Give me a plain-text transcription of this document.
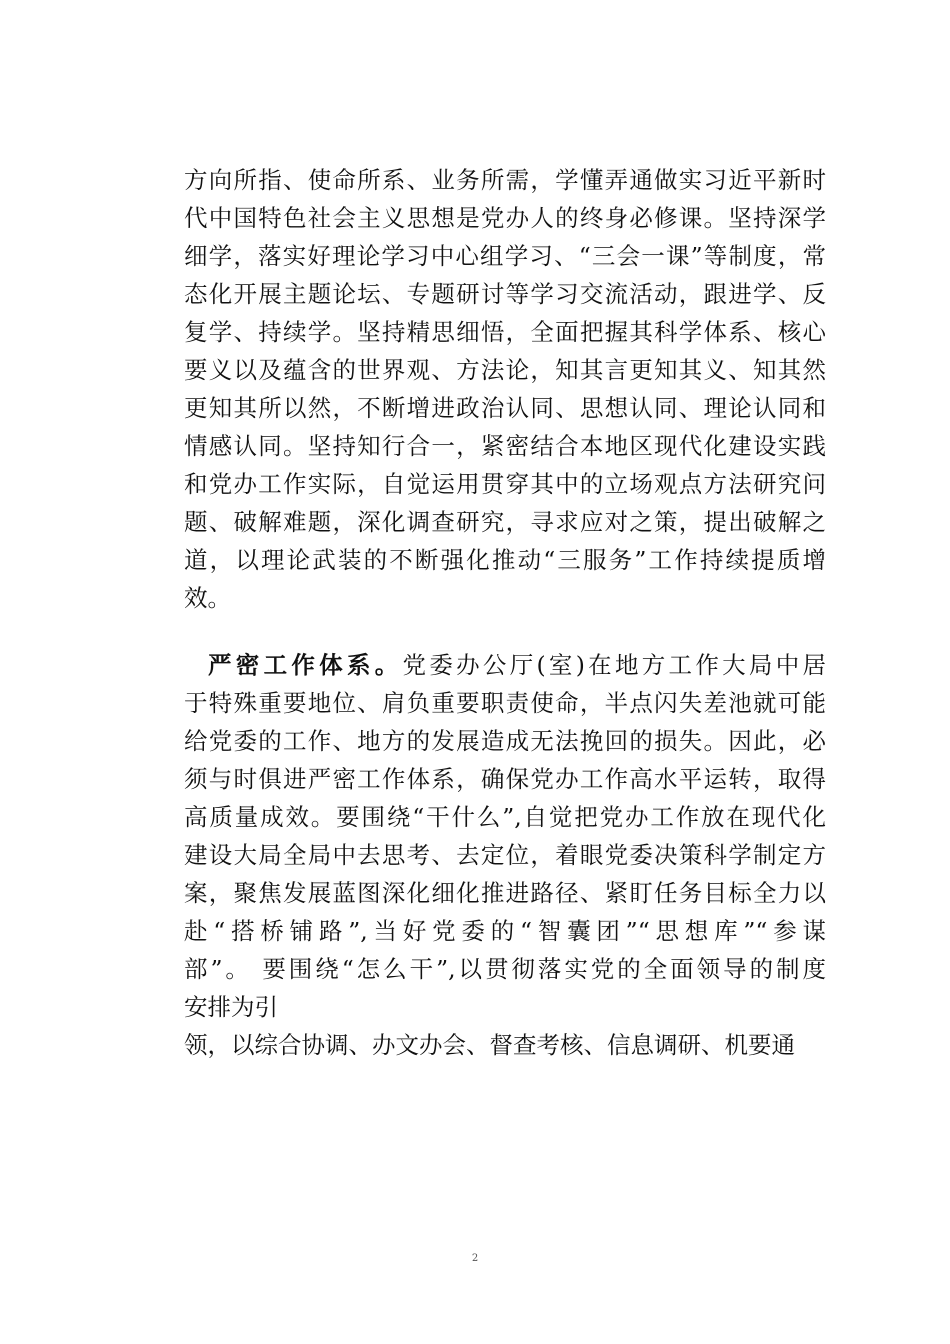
方向所指、使命所系、业务所需，学懂弄通做实习近平新时
代中国特色社会主义思想是党办人的终身必修课。坚持深学
细学，落实好理论学习中心组学习、“三会一课”等制度，常
态化开展主题论坛、专题研讨等学习交流活动，跟进学、反
复学、持续学。坚持精思细悟，全面把握其科学体系、核心
要义以及蕴含的世界观、方法论，知其言更知其义、知其然
更知其所以然，不断增进政治认同、思想认同、理论认同和
情感认同。坚持知行合一，紧密结合本地区现代化建设实践
和党办工作实际，自觉运用贯穿其中的立场观点方法研究问
题、破解难题，深化调查研究，寻求应对之策，提出破解之
道，以理论武装的不断强化推动“三服务”工作持续提质增
效。
严密工作体系。党委办公厅(室)在地方工作大局中居
于特殊重要地位、肩负重要职责使命，半点闪失差池就可能
给党委的工作、地方的发展造成无法挽回的损失。因此，必
须与时俱进严密工作体系，确保党办工作高水平运转，取得
高质量成效。要围绕“干什么”,自觉把党办工作放在现代化
建设大局全局中去思考、去定位，着眼党委决策科学制定方
案，聚焦发展蓝图深化细化推进路径、紧盯任务目标全力以
赴“搭桥铺路”,当好党委的“智囊团”“思想库”“参谋
部”。 要围绕“怎么干”,以贯彻落实党的全面领导的制度
安排为引
领，以综合协调、办文办会、督查考核、信息调研、机要通
2
